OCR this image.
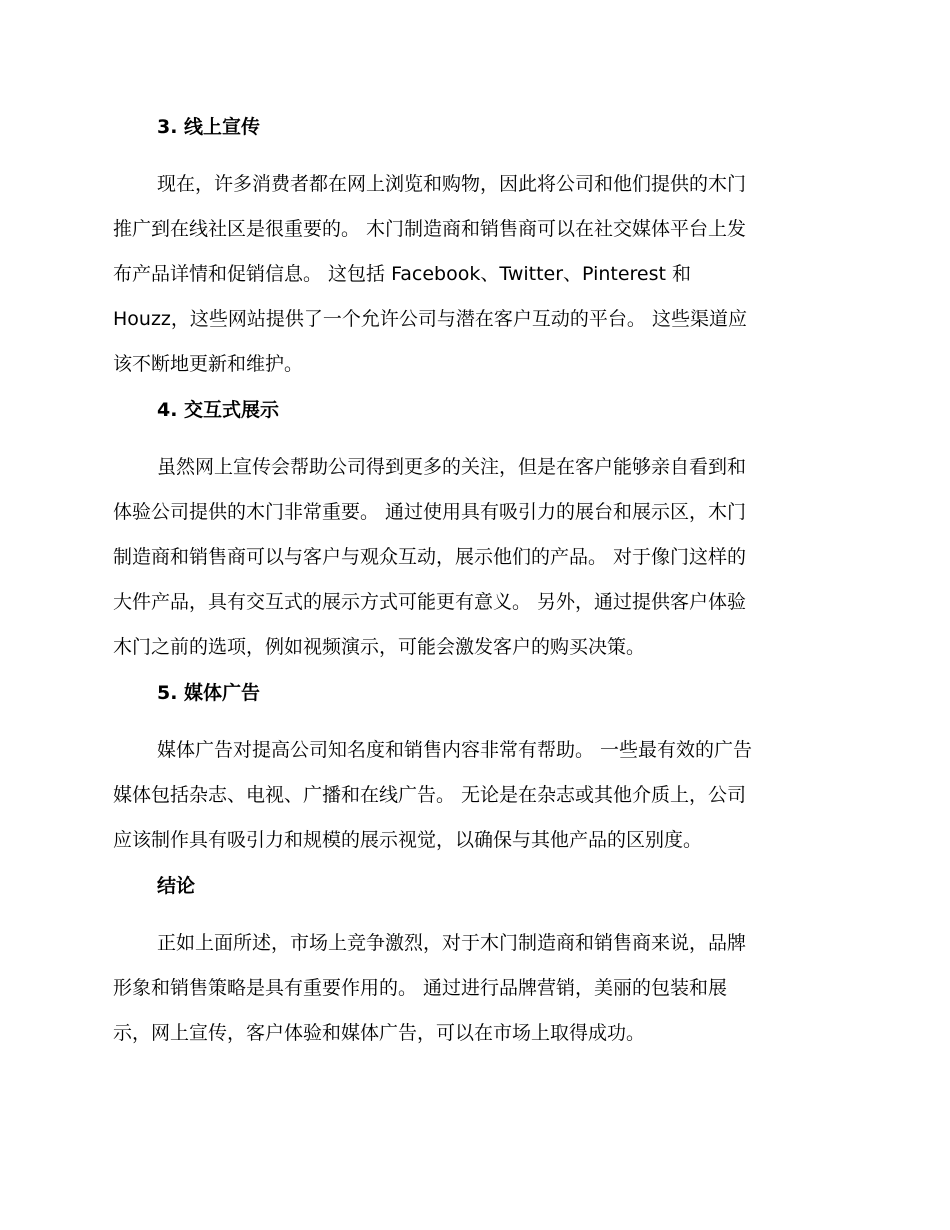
3. 线上宣传
现在，许多消费者都在网上浏览和购物，因此将公司和他们提供的木门
推广到在线社区是很重要的。 木门制造商和销售商可以在社交媒体平台上发
布产品详情和促销信息。 这包括 Facebook、Twitter、Pinterest 和
Houzz，这些网站提供了一个允许公司与潜在客户互动的平台。 这些渠道应
该不断地更新和维护。
4. 交互式展示
虽然网上宣传会帮助公司得到更多的关注，但是在客户能够亲自看到和
体验公司提供的木门非常重要。 通过使用具有吸引力的展台和展示区，木门
制造商和销售商可以与客户与观众互动，展示他们的产品。 对于像门这样的
大件产品，具有交互式的展示方式可能更有意义。 另外，通过提供客户体验
木门之前的选项，例如视频演示，可能会激发客户的购买决策。
5. 媒体广告
媒体广告对提高公司知名度和销售内容非常有帮助。 一些最有效的广告
媒体包括杂志、电视、广播和在线广告。 无论是在杂志或其他介质上，公司
应该制作具有吸引力和规模的展示视觉，以确保与其他产品的区别度。
结论
正如上面所述，市场上竞争激烈，对于木门制造商和销售商来说，品牌
形象和销售策略是具有重要作用的。 通过进行品牌营销，美丽的包装和展
示，网上宣传，客户体验和媒体广告，可以在市场上取得成功。
